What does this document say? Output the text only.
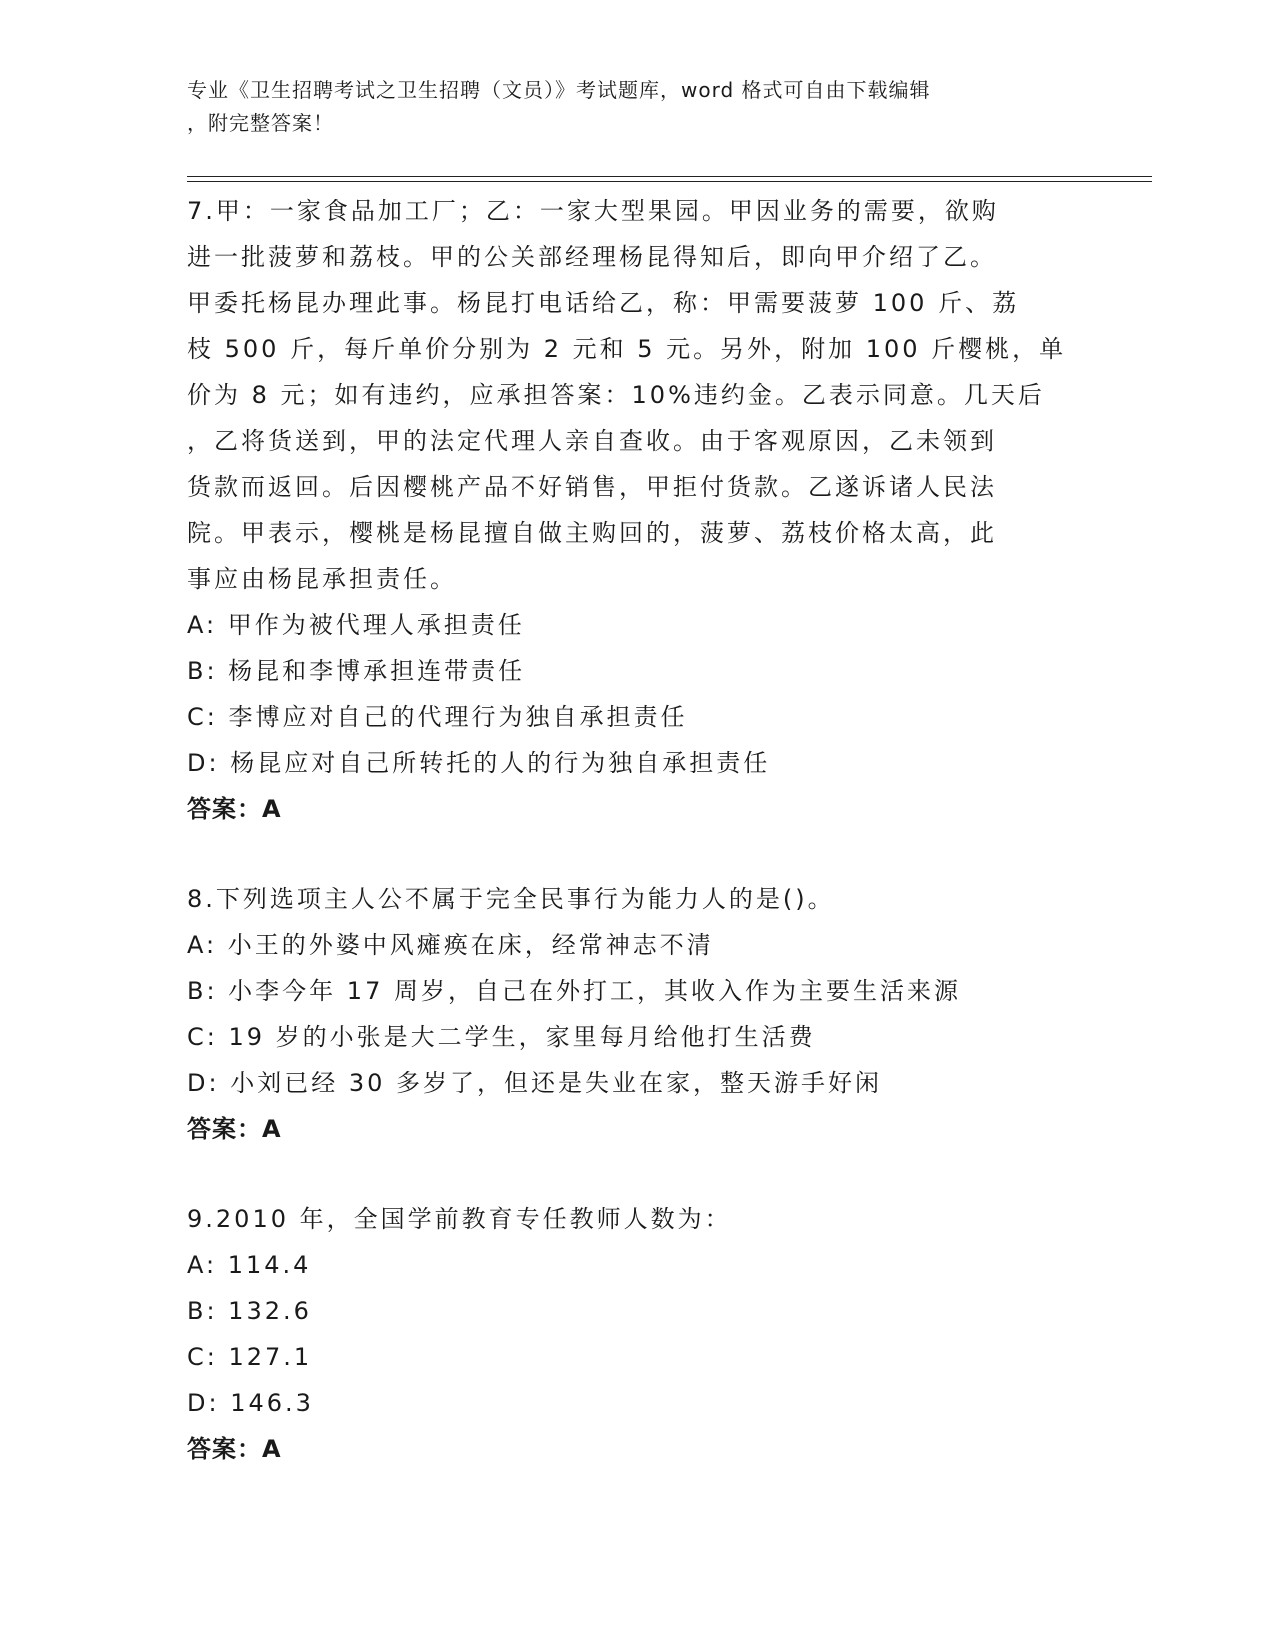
专业《卫生招聘考试之卫生招聘（文员）》考试题库，word 格式可自由下载编辑
，附完整答案！
7.甲：一家食品加工厂；乙：一家大型果园。甲因业务的需要，欲购
进一批菠萝和荔枝。甲的公关部经理杨昆得知后，即向甲介绍了乙。
甲委托杨昆办理此事。杨昆打电话给乙，称：甲需要菠萝 100 斤、荔
枝 500 斤，每斤单价分别为 2 元和 5 元。另外，附加 100 斤樱桃，单
价为 8 元；如有违约，应承担答案：10%违约金。乙表示同意。几天后
，乙将货送到，甲的法定代理人亲自查收。由于客观原因，乙未领到
货款而返回。后因樱桃产品不好销售，甲拒付货款。乙遂诉诸人民法
院。甲表示，樱桃是杨昆擅自做主购回的，菠萝、荔枝价格太高，此
事应由杨昆承担责任。
A: 甲作为被代理人承担责任
B: 杨昆和李博承担连带责任
C: 李博应对自己的代理行为独自承担责任
D: 杨昆应对自己所转托的人的行为独自承担责任
答案：A
8.下列选项主人公不属于完全民事行为能力人的是()。
A: 小王的外婆中风瘫痪在床，经常神志不清
B: 小李今年 17 周岁，自己在外打工，其收入作为主要生活来源
C: 19 岁的小张是大二学生，家里每月给他打生活费
D: 小刘已经 30 多岁了，但还是失业在家，整天游手好闲
答案：A
9.2010 年，全国学前教育专任教师人数为：
A: 114.4
B: 132.6
C: 127.1
D: 146.3
答案：A
